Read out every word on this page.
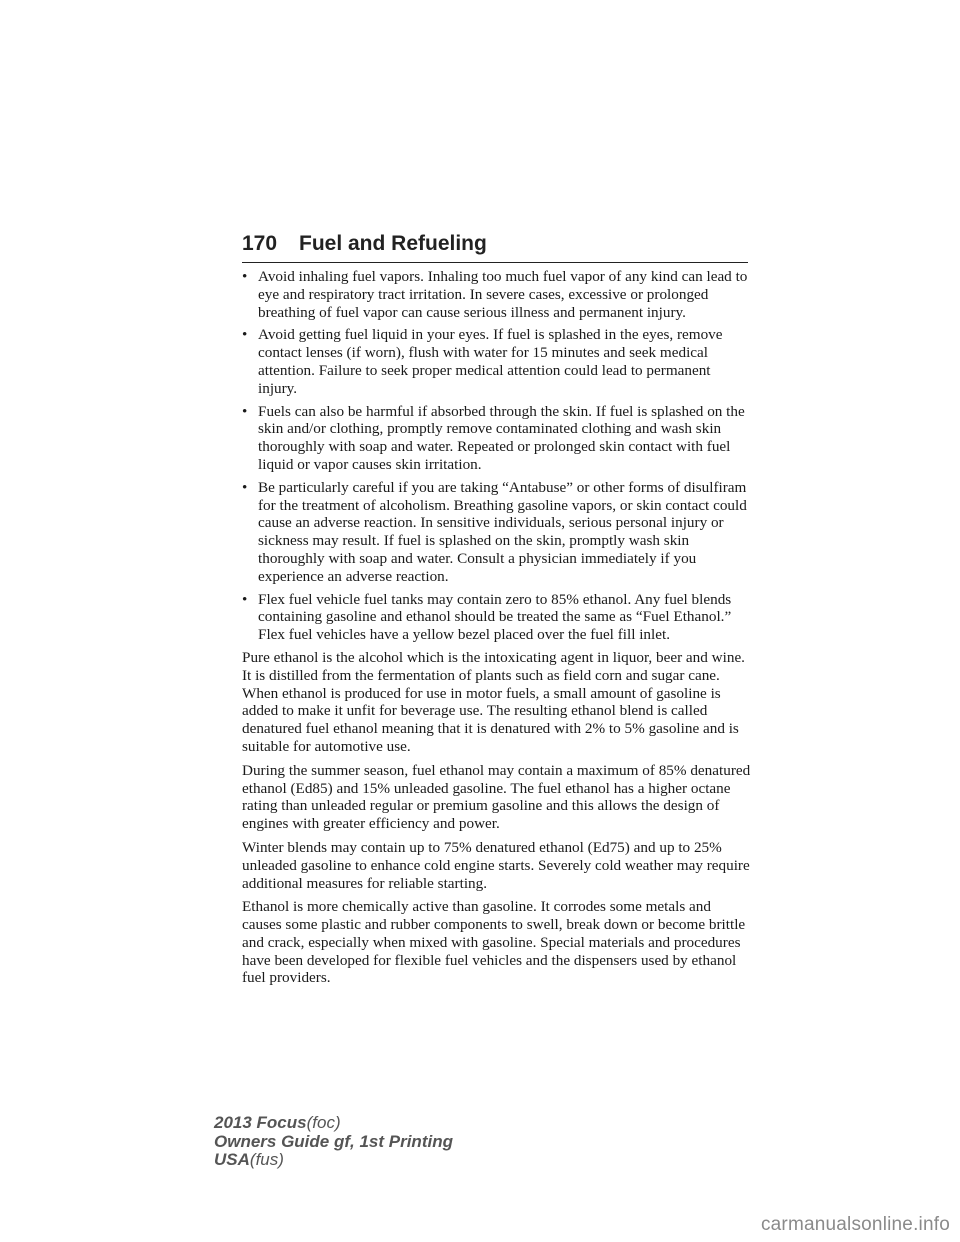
170 Fuel and Refueling
• Avoid inhaling fuel vapors. Inhaling too much fuel vapor of any kind can lead to eye and respiratory tract irritation. In severe cases, excessive or prolonged breathing of fuel vapor can cause serious illness and permanent injury.
• Avoid getting fuel liquid in your eyes. If fuel is splashed in the eyes, remove contact lenses (if worn), flush with water for 15 minutes and seek medical attention. Failure to seek proper medical attention could lead to permanent injury.
• Fuels can also be harmful if absorbed through the skin. If fuel is splashed on the skin and/or clothing, promptly remove contaminated clothing and wash skin thoroughly with soap and water. Repeated or prolonged skin contact with fuel liquid or vapor causes skin irritation.
• Be particularly careful if you are taking “Antabuse” or other forms of disulfiram for the treatment of alcoholism. Breathing gasoline vapors, or skin contact could cause an adverse reaction. In sensitive individuals, serious personal injury or sickness may result. If fuel is splashed on the skin, promptly wash skin thoroughly with soap and water. Consult a physician immediately if you experience an adverse reaction.
• Flex fuel vehicle fuel tanks may contain zero to 85% ethanol. Any fuel blends containing gasoline and ethanol should be treated the same as “Fuel Ethanol.” Flex fuel vehicles have a yellow bezel placed over the fuel fill inlet.

Pure ethanol is the alcohol which is the intoxicating agent in liquor, beer and wine. It is distilled from the fermentation of plants such as field corn and sugar cane. When ethanol is produced for use in motor fuels, a small amount of gasoline is added to make it unfit for beverage use. The resulting ethanol blend is called denatured fuel ethanol meaning that it is denatured with 2% to 5% gasoline and is suitable for automotive use.

During the summer season, fuel ethanol may contain a maximum of 85% denatured ethanol (Ed85) and 15% unleaded gasoline. The fuel ethanol has a higher octane rating than unleaded regular or premium gasoline and this allows the design of engines with greater efficiency and power.

Winter blends may contain up to 75% denatured ethanol (Ed75) and up to 25% unleaded gasoline to enhance cold engine starts. Severely cold weather may require additional measures for reliable starting.

Ethanol is more chemically active than gasoline. It corrodes some metals and causes some plastic and rubber components to swell, break down or become brittle and crack, especially when mixed with gasoline. Special materials and procedures have been developed for flexible fuel vehicles and the dispensers used by ethanol fuel providers.

2013 Focus(foc)
Owners Guide gf, 1st Printing
USA(fus)
carmanualsonline.info
